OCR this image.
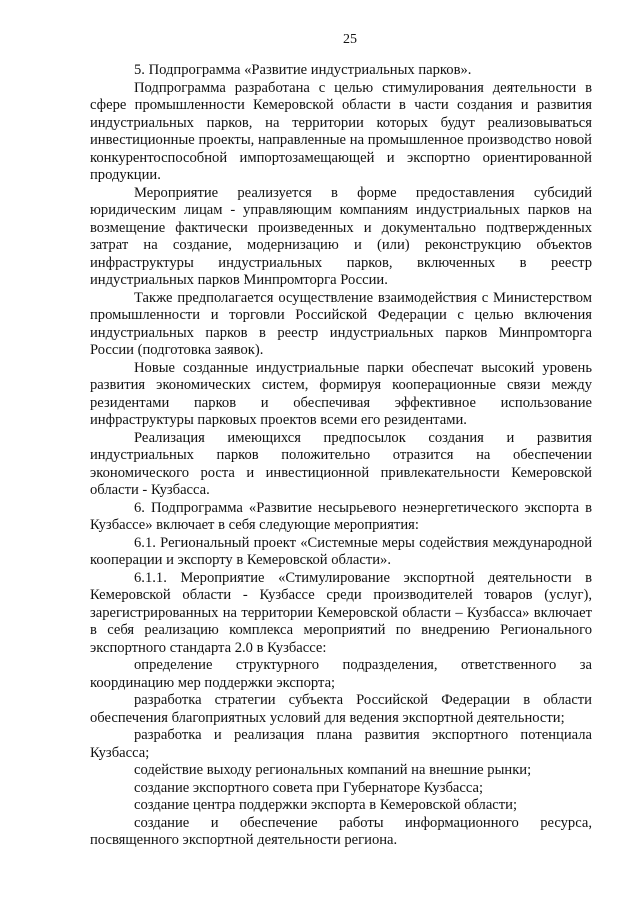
25

5. Подпрограмма «Развитие индустриальных парков».

Подпрограмма разработана с целью стимулирования деятельности в сфере промышленности Кемеровской области в части создания и развития индустриальных парков, на территории которых будут реализовываться инвестиционные проекты, направленные на промышленное производство новой конкурентоспособной импортозамещающей и экспортно ориентированной продукции.

Мероприятие реализуется в форме предоставления субсидий юридическим лицам - управляющим компаниям индустриальных парков на возмещение фактически произведенных и документально подтвержденных затрат на создание, модернизацию и (или) реконструкцию объектов инфраструктуры индустриальных парков, включенных в реестр индустриальных парков Минпромторга России.

Также предполагается осуществление взаимодействия с Министерством промышленности и торговли Российской Федерации с целью включения индустриальных парков в реестр индустриальных парков Минпромторга России (подготовка заявок).

Новые созданные индустриальные парки обеспечат высокий уровень развития экономических систем, формируя кооперационные связи между резидентами парков и обеспечивая эффективное использование инфраструктуры парковых проектов всеми его резидентами.

Реализация имеющихся предпосылок создания и развития индустриальных парков положительно отразится на обеспечении экономического роста и инвестиционной привлекательности Кемеровской области - Кузбасса.

6. Подпрограмма «Развитие несырьевого неэнергетического экспорта в Кузбассе» включает в себя следующие мероприятия:

6.1. Региональный проект «Системные меры содействия международной кооперации и экспорту в Кемеровской области».

6.1.1. Мероприятие «Стимулирование экспортной деятельности в Кемеровской области - Кузбассе среди производителей товаров (услуг), зарегистрированных на территории Кемеровской области – Кузбасса» включает в себя реализацию комплекса мероприятий по внедрению Регионального экспортного стандарта 2.0 в Кузбассе:

определение структурного подразделения, ответственного за координацию мер поддержки экспорта;

разработка стратегии субъекта Российской Федерации в области обеспечения благоприятных условий для ведения экспортной деятельности;

разработка и реализация плана развития экспортного потенциала Кузбасса;

содействие выходу региональных компаний на внешние рынки;

создание экспортного совета при Губернаторе Кузбасса;

создание центра поддержки экспорта в Кемеровской области;

создание и обеспечение работы информационного ресурса, посвященного экспортной деятельности региона.
